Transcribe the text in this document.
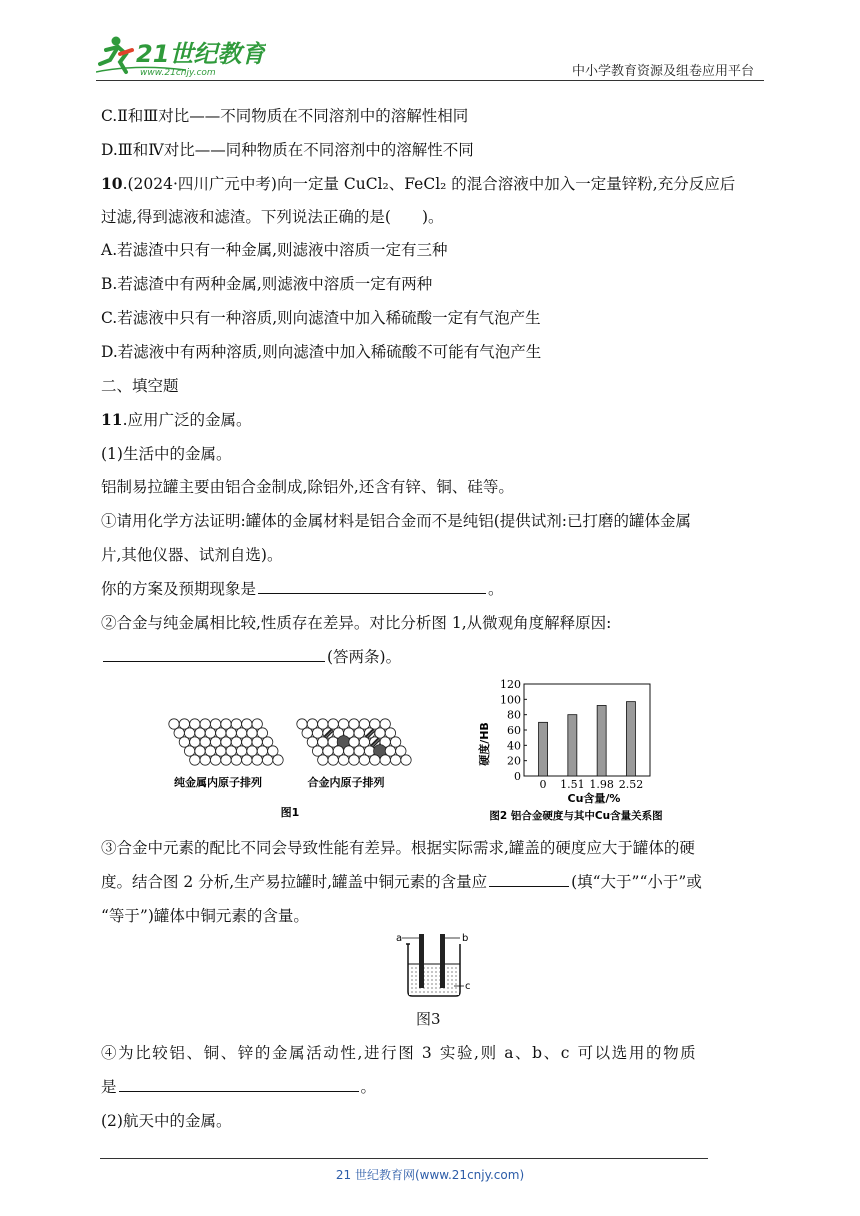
21世纪教育
www.21cnjy.com	中小学教育资源及组卷应用平台
C.Ⅱ和Ⅲ对比——不同物质在不同溶剂中的溶解性相同
D.Ⅲ和Ⅳ对比——同种物质在不同溶剂中的溶解性不同
10.(2024·四川广元中考)向一定量 CuCl₂、FeCl₂ 的混合溶液中加入一定量锌粉,充分反应后
过滤,得到滤液和滤渣。下列说法正确的是(　　)。
A.若滤渣中只有一种金属,则滤液中溶质一定有三种
B.若滤渣中有两种金属,则滤液中溶质一定有两种
C.若滤液中只有一种溶质,则向滤渣中加入稀硫酸一定有气泡产生
D.若滤液中有两种溶质,则向滤渣中加入稀硫酸不可能有气泡产生
二、填空题
11.应用广泛的金属。
(1)生活中的金属。
铝制易拉罐主要由铝合金制成,除铝外,还含有锌、铜、硅等。
①请用化学方法证明:罐体的金属材料是铝合金而不是纯铝(提供试剂:已打磨的罐体金属
片,其他仪器、试剂自选)。
你的方案及预期现象是	。
②合金与纯金属相比较,性质存在差异。对比分析图 1,从微观角度解释原因:
(答两条)。
纯金属内原子排列	合金内原子排列
图1
0
20
40
60
80
100
120
0 1.51 1.98 2.52
硬度/HB
Cu含量/%
图2 铝合金硬度与其中Cu含量关系图
③合金中元素的配比不同会导致性能有差异。根据实际需求,罐盖的硬度应大于罐体的硬
度。结合图 2 分析,生产易拉罐时,罐盖中铜元素的含量应	(填“大于”“小于”或
“等于”)罐体中铜元素的含量。
a	b
c
图3
④为比较铝、铜、锌的金属活动性,进行图 3 实验,则 a、b、c 可以选用的物质
是	。
(2)航天中的金属。
21 世纪教育网(www.21cnjy.com)
